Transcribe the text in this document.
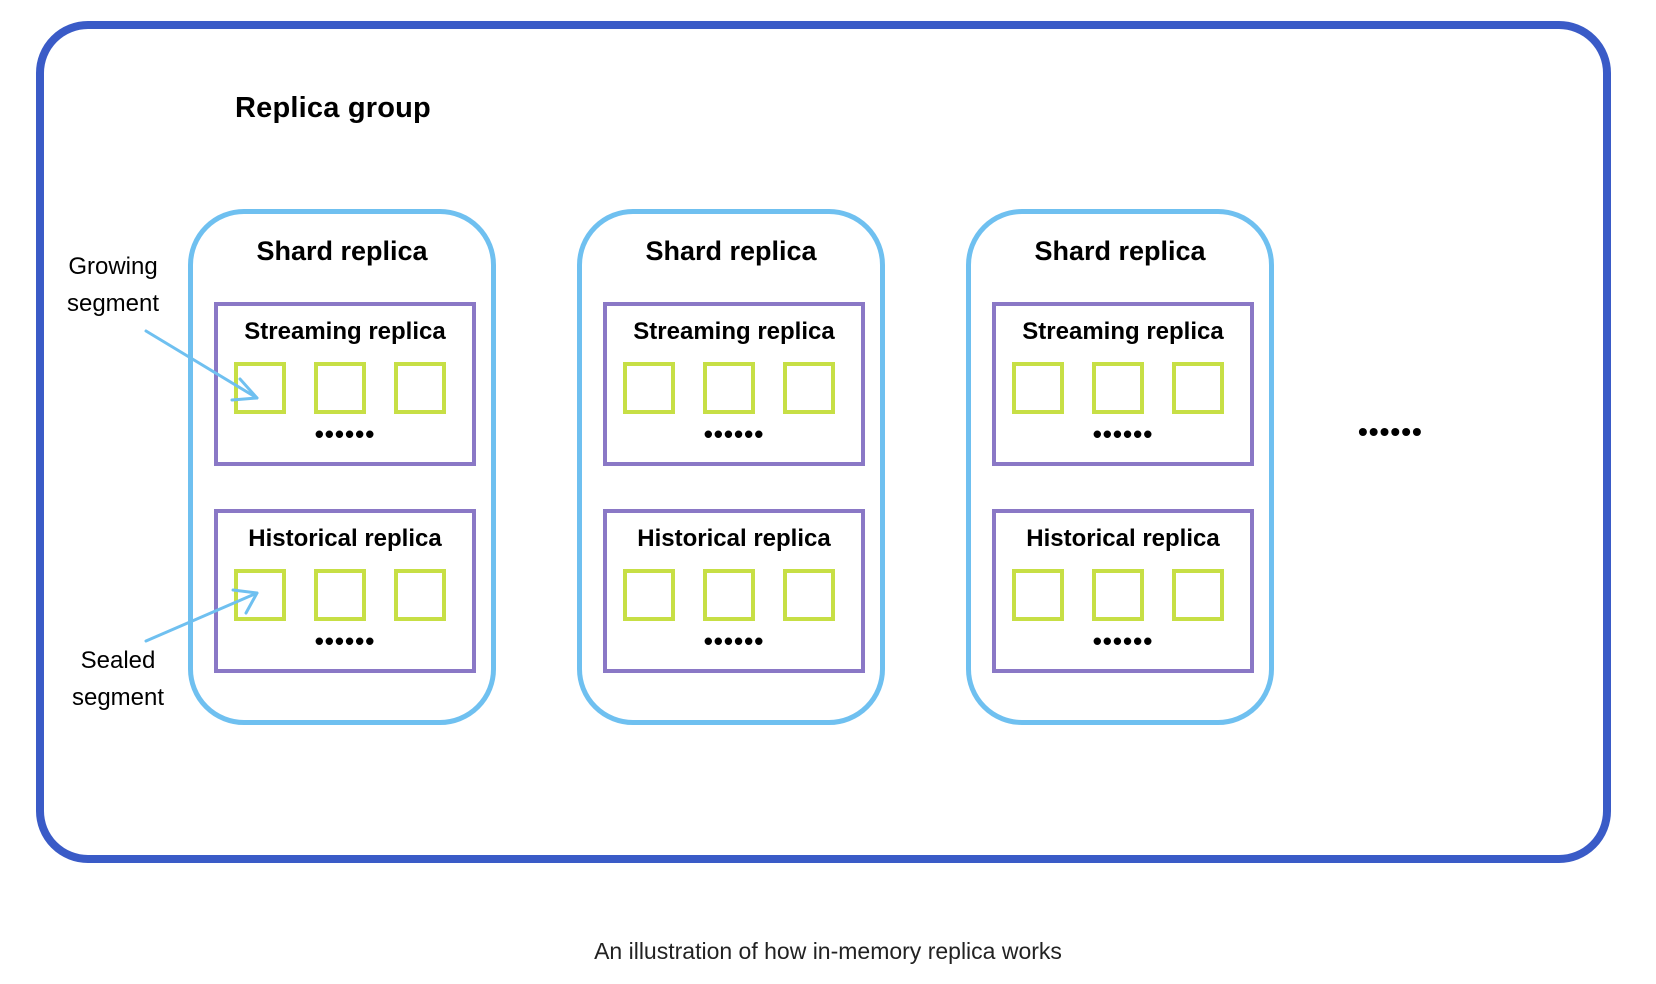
Replica group
Shard replica
Streaming replica
••••••
Historical replica
••••••
Shard replica
Streaming replica
••••••
Historical replica
••••••
Shard replica
Streaming replica
••••••
Historical replica
••••••
••••••
Growing
segment
Sealed
segment
An illustration of how in-memory replica works
